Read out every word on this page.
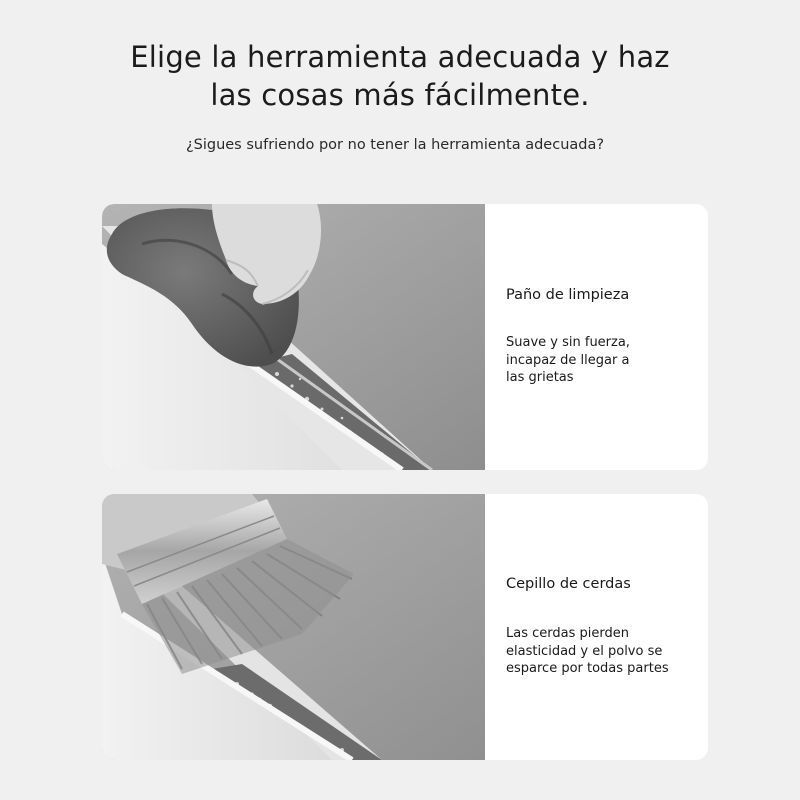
Elige la herramienta adecuada y haz
las cosas más fácilmente.
¿Sigues sufriendo por no tener la herramienta adecuada?
Paño de limpieza
Suave y sin fuerza,
incapaz de llegar a
las grietas
Cepillo de cerdas
Las cerdas pierden
elasticidad y el polvo se
esparce por todas partes
